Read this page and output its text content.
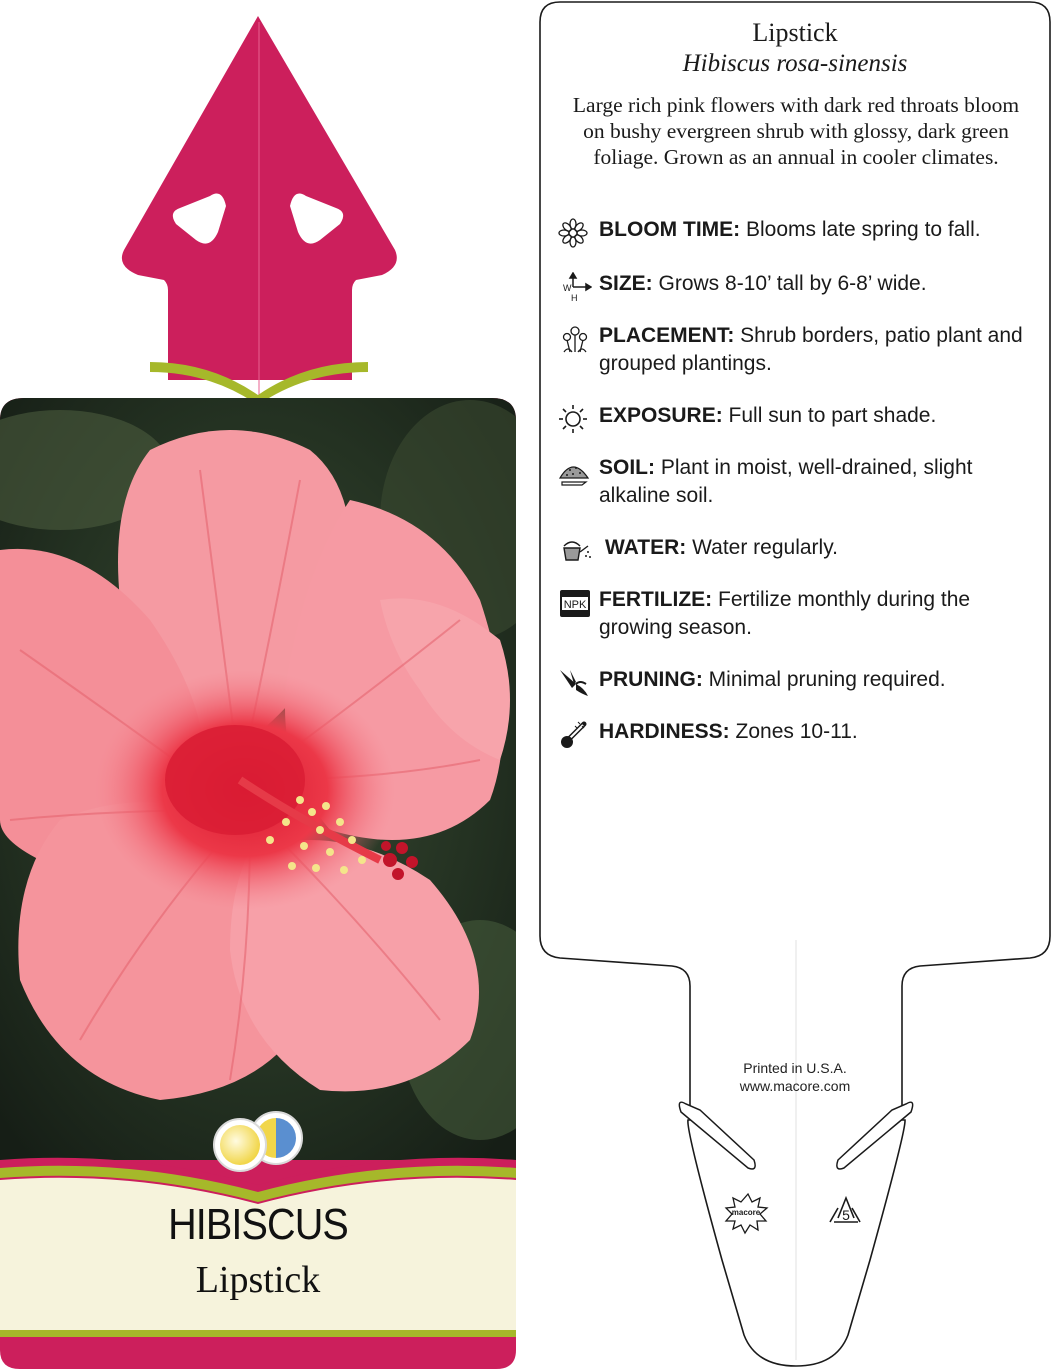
HIBISCUS
Lipstick
macore	5
Lipstick
Hibiscus rosa-sinensis
Large rich pink flowers with dark red throats bloom on bushy evergreen shrub with glossy, dark green foliage. Grown as an annual in cooler climates.
BLOOM TIME: Blooms late spring to fall.
W
H
SIZE: Grows 8-10’ tall by 6-8’ wide.
PLACEMENT: Shrub borders, patio plant and grouped plantings.
EXPOSURE: Full sun to part shade.
SOIL: Plant in moist, well-drained, slight alkaline soil.
WATER: Water regularly.
NPK FERTILIZE: Fertilize monthly during the growing season.
PRUNING: Minimal pruning required.
HARDINESS: Zones 10-11.
Printed in U.S.A.
www.macore.com
